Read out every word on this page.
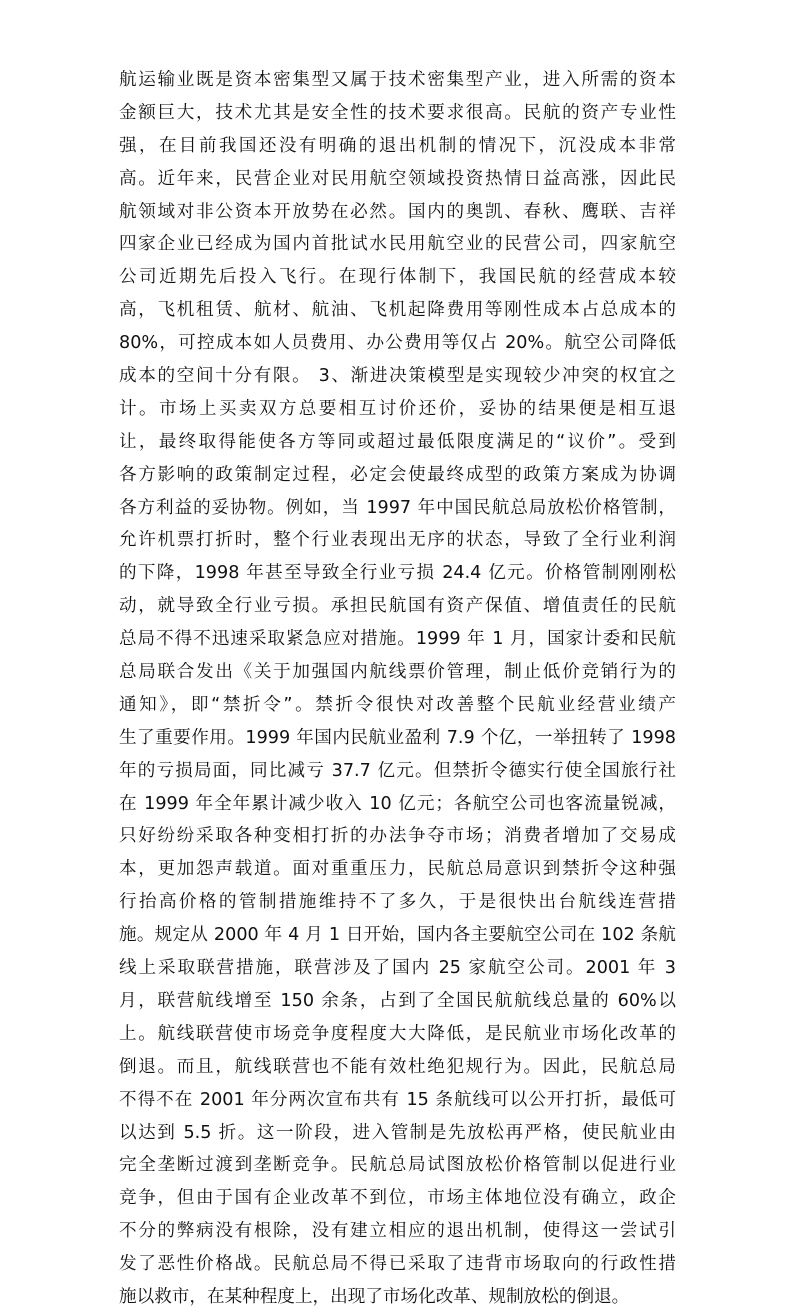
航运输业既是资本密集型又属于技术密集型产业，进入所需的资本
金额巨大，技术尤其是安全性的技术要求很高。民航的资产专业性
强，在目前我国还没有明确的退出机制的情况下，沉没成本非常
高。近年来，民营企业对民用航空领域投资热情日益高涨，因此民
航领域对非公资本开放势在必然。国内的奥凯、春秋、鹰联、吉祥
四家企业已经成为国内首批试水民用航空业的民营公司，四家航空
公司近期先后投入飞行。在现行体制下，我国民航的经营成本较
高，飞机租赁、航材、航油、飞机起降费用等刚性成本占总成本的
80%，可控成本如人员费用、办公费用等仅占 20%。航空公司降低
成本的空间十分有限。 3、渐进决策模型是实现较少冲突的权宜之
计。市场上买卖双方总要相互讨价还价，妥协的结果便是相互退
让，最终取得能使各方等同或超过最低限度满足的“议价”。受到
各方影响的政策制定过程，必定会使最终成型的政策方案成为协调
各方利益的妥协物。例如，当 1997 年中国民航总局放松价格管制，
允许机票打折时，整个行业表现出无序的状态，导致了全行业利润
的下降，1998 年甚至导致全行业亏损 24.4 亿元。价格管制刚刚松
动，就导致全行业亏损。承担民航国有资产保值、增值责任的民航
总局不得不迅速采取紧急应对措施。1999 年 1 月，国家计委和民航
总局联合发出《关于加强国内航线票价管理，制止低价竞销行为的
通知》，即“禁折令”。禁折令很快对改善整个民航业经营业绩产
生了重要作用。1999 年国内民航业盈利 7.9 个亿，一举扭转了 1998
年的亏损局面，同比减亏 37.7 亿元。但禁折令德实行使全国旅行社
在 1999 年全年累计减少收入 10 亿元；各航空公司也客流量锐减，
只好纷纷采取各种变相打折的办法争夺市场；消费者增加了交易成
本，更加怨声载道。面对重重压力，民航总局意识到禁折令这种强
行抬高价格的管制措施维持不了多久，于是很快出台航线连营措
施。规定从 2000 年 4 月 1 日开始，国内各主要航空公司在 102 条航
线上采取联营措施，联营涉及了国内 25 家航空公司。2001 年 3
月，联营航线增至 150 余条，占到了全国民航航线总量的 60%以
上。航线联营使市场竞争度程度大大降低，是民航业市场化改革的
倒退。而且，航线联营也不能有效杜绝犯规行为。因此，民航总局
不得不在 2001 年分两次宣布共有 15 条航线可以公开打折，最低可
以达到 5.5 折。这一阶段，进入管制是先放松再严格，使民航业由
完全垄断过渡到垄断竞争。民航总局试图放松价格管制以促进行业
竞争，但由于国有企业改革不到位，市场主体地位没有确立，政企
不分的弊病没有根除，没有建立相应的退出机制，使得这一尝试引
发了恶性价格战。民航总局不得已采取了违背市场取向的行政性措
施以救市，在某种程度上，出现了市场化改革、规制放松的倒退。
